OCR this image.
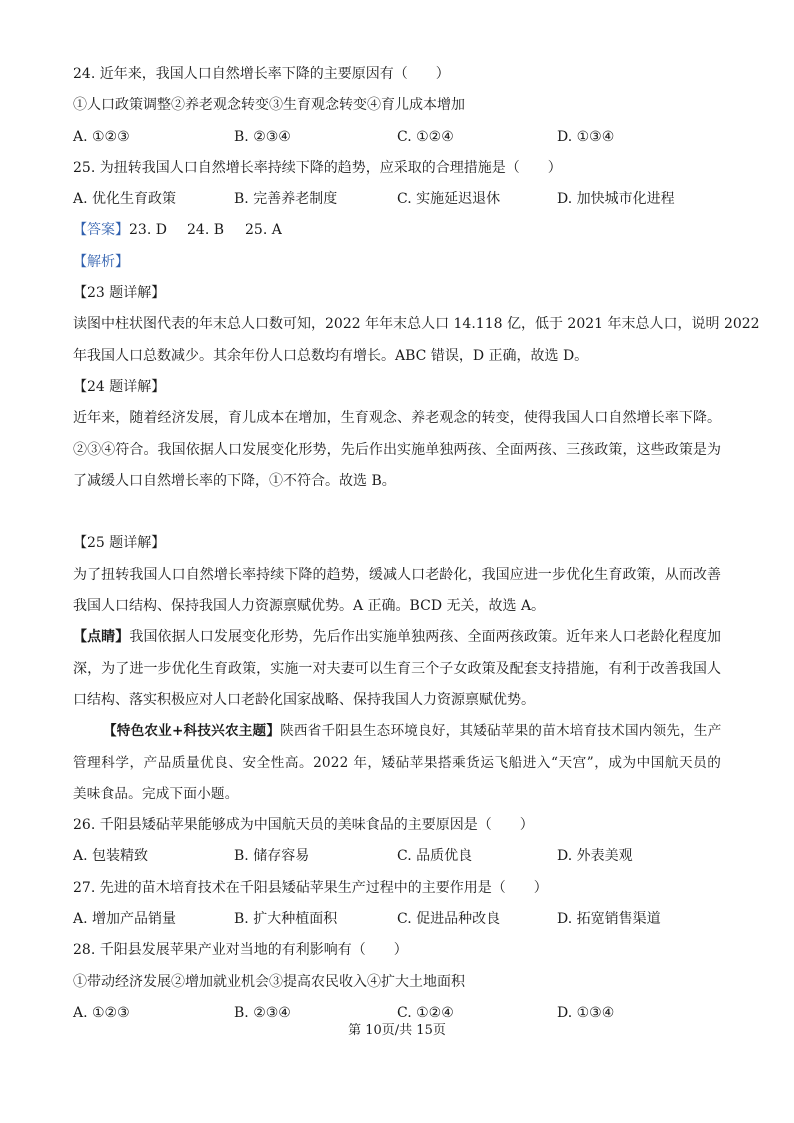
24. 近年来，我国人口自然增长率下降的主要原因有（　　）
①人口政策调整②养老观念转变③生育观念转变④育儿成本增加
A. ①②③	B. ②③④	C. ①②④	D. ①③④
25. 为扭转我国人口自然增长率持续下降的趋势，应采取的合理措施是（　　）
A. 优化生育政策	B. 完善养老制度	C. 实施延迟退休	D. 加快城市化进程
【答案】23. D 24. B 25. A
【解析】
【23 题详解】
读图中柱状图代表的年末总人口数可知，2022 年年末总人口 14.118 亿，低于 2021 年末总人口，说明 2022
年我国人口总数减少。其余年份人口总数均有增长。ABC 错误，D 正确，故选 D。
【24 题详解】
近年来，随着经济发展，育儿成本在增加，生育观念、养老观念的转变，使得我国人口自然增长率下降。
②③④符合。我国依据人口发展变化形势，先后作出实施单独两孩、全面两孩、三孩政策，这些政策是为
了减缓人口自然增长率的下降，①不符合。故选 B。
【25 题详解】
为了扭转我国人口自然增长率持续下降的趋势，缓减人口老龄化，我国应进一步优化生育政策，从而改善
我国人口结构、保持我国人力资源禀赋优势。A 正确。BCD 无关，故选 A。
【点睛】我国依据人口发展变化形势，先后作出实施单独两孩、全面两孩政策。近年来人口老龄化程度加
深，为了进一步优化生育政策，实施一对夫妻可以生育三个子女政策及配套支持措施，有利于改善我国人
口结构、落实积极应对人口老龄化国家战略、保持我国人力资源禀赋优势。
【特色农业+科技兴农主题】陕西省千阳县生态环境良好，其矮砧苹果的苗木培育技术国内领先，生产
管理科学，产品质量优良、安全性高。2022 年，矮砧苹果搭乘货运飞船进入“天宫”，成为中国航天员的
美味食品。完成下面小题。
26. 千阳县矮砧苹果能够成为中国航天员的美味食品的主要原因是（　　）
A. 包装精致	B. 储存容易	C. 品质优良	D. 外表美观
27. 先进的苗木培育技术在千阳县矮砧苹果生产过程中的主要作用是（　　）
A. 增加产品销量	B. 扩大种植面积	C. 促进品种改良	D. 拓宽销售渠道
28. 千阳县发展苹果产业对当地的有利影响有（　　）
①带动经济发展②增加就业机会③提高农民收入④扩大土地面积
A. ①②③	B. ②③④	C. ①②④	D. ①③④
第 10页/共 15页
